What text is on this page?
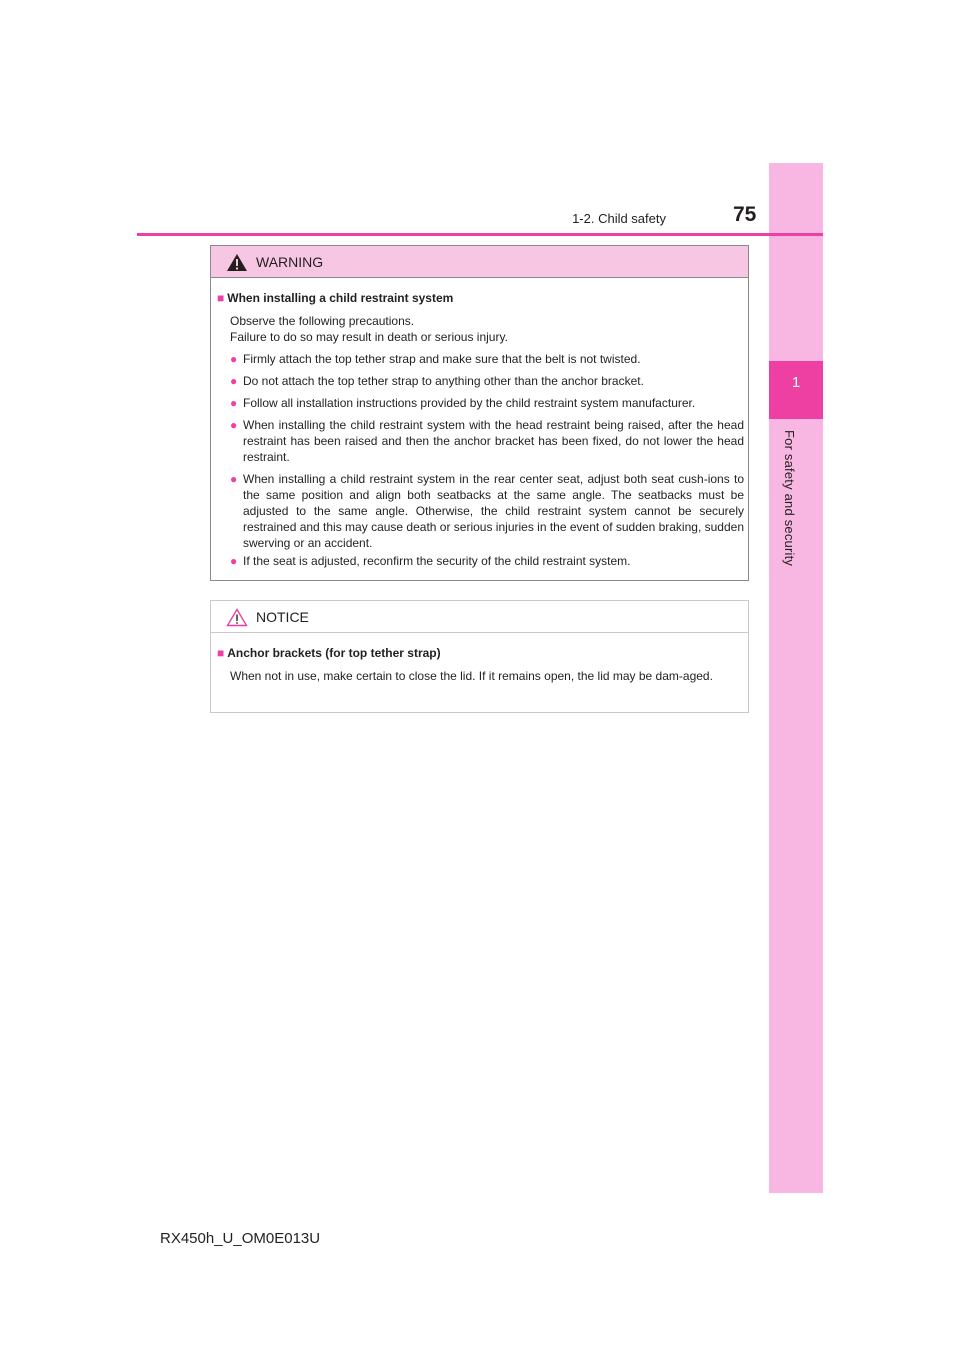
1
For safety and security
1-2. Child safety	75
WARNING
■ When installing a child restraint system
Observe the following precautions.
Failure to do so may result in death or serious injury.
● Firmly attach the top tether strap and make sure that the belt is not twisted.
● Do not attach the top tether strap to anything other than the anchor bracket.
● Follow all installation instructions provided by the child restraint system manufacturer.
● When installing the child restraint system with the head restraint being raised, after the head restraint has been raised and then the anchor bracket has been fixed, do not lower the head restraint.
● When installing a child restraint system in the rear center seat, adjust both seat cush-ions to the same position and align both seatbacks at the same angle. The seatbacks must be adjusted to the same angle. Otherwise, the child restraint system cannot be securely restrained and this may cause death or serious injuries in the event of sudden braking, sudden swerving or an accident.
● If the seat is adjusted, reconfirm the security of the child restraint system.
NOTICE
■ Anchor brackets (for top tether strap)
When not in use, make certain to close the lid. If it remains open, the lid may be dam-aged.
RX450h_U_OM0E013U
